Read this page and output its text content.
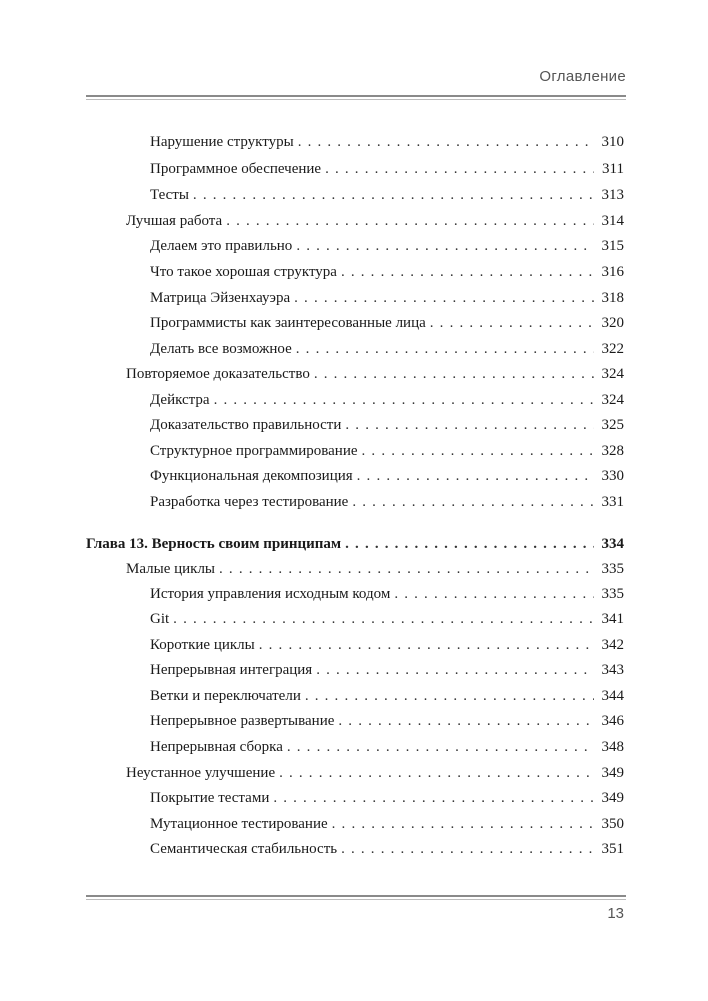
Оглавление
Нарушение структуры . . .	310
Программное обеспечение . . .	311
Тесты . . .	313
Лучшая работа . . .	314
Делаем это правильно . . .	315
Что такое хорошая структура . . .	316
Матрица Эйзенхауэра . . .	318
Программисты как заинтересованные лица . . .	320
Делать все возможное . . .	322
Повторяемое доказательство . . .	324
Дейкстра . . .	324
Доказательство правильности . . .	325
Структурное программирование . . .	328
Функциональная декомпозиция . . .	330
Разработка через тестирование . . .	331
Глава 13. Верность своим принципам . . .	334
Малые циклы . . .	335
История управления исходным кодом . . .	335
Git . . .	341
Короткие циклы . . .	342
Непрерывная интеграция . . .	343
Ветки и переключатели . . .	344
Непрерывное развертывание . . .	346
Непрерывная сборка . . .	348
Неустанное улучшение . . .	349
Покрытие тестами . . .	349
Мутационное тестирование . . .	350
Семантическая стабильность . . .	351
13
